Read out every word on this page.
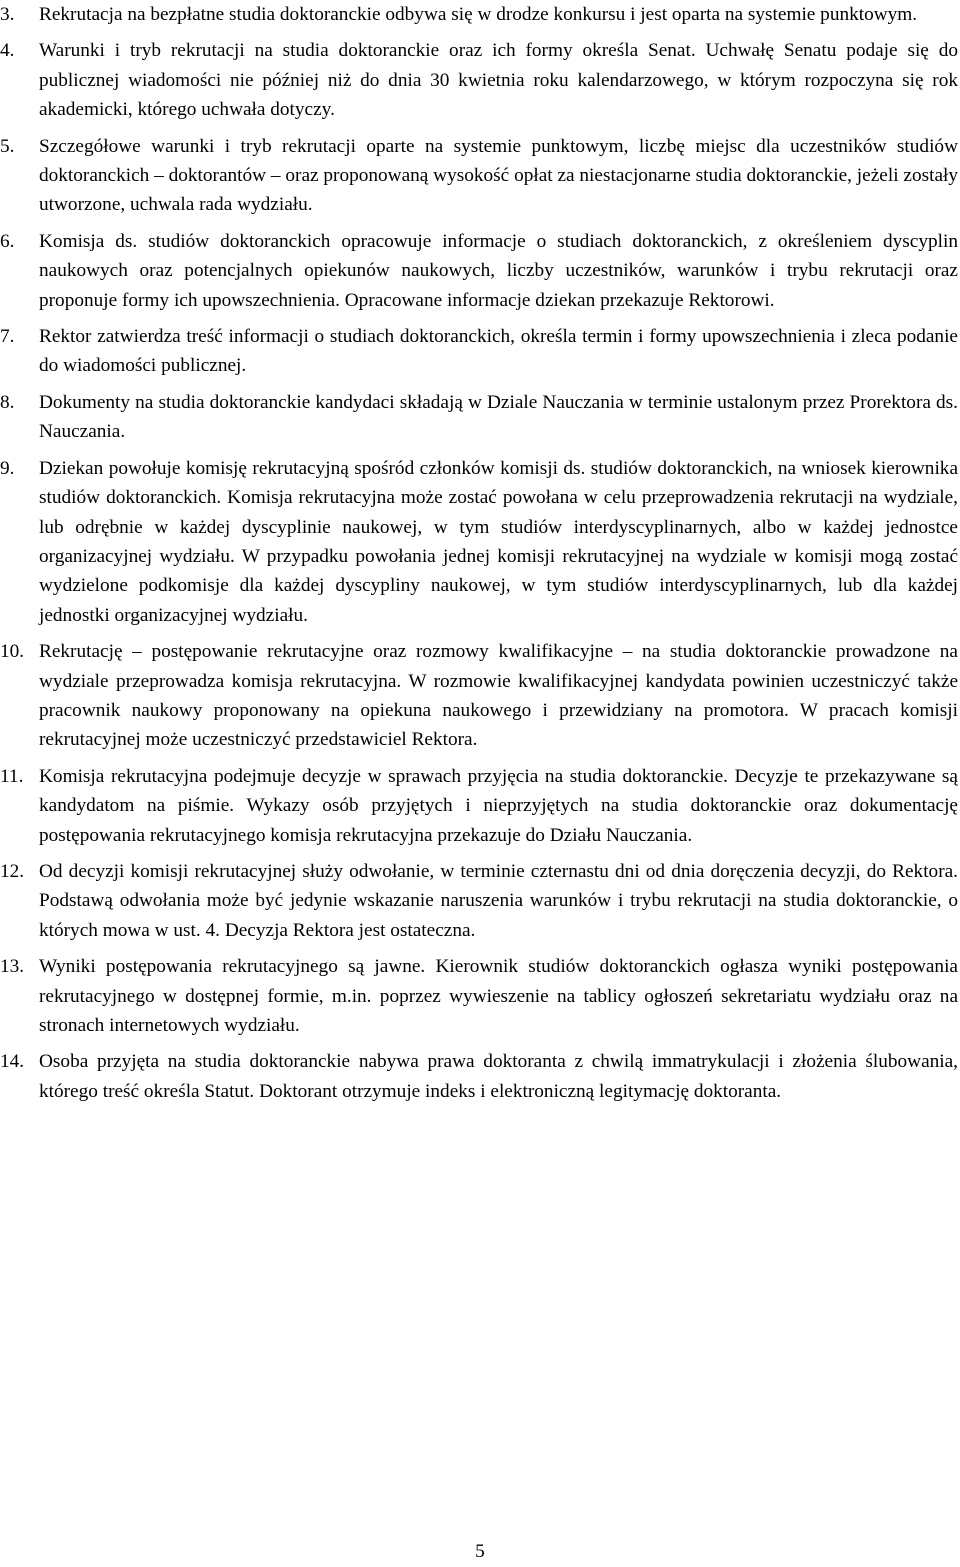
3.	Rekrutacja na bezpłatne studia doktoranckie odbywa się w drodze konkursu i jest oparta na systemie punktowym.
4.	Warunki i tryb rekrutacji na studia doktoranckie oraz ich formy określa Senat. Uchwałę Senatu podaje się do publicznej wiadomości nie później niż do dnia 30 kwietnia roku kalendarzowego, w którym rozpoczyna się rok akademicki, którego uchwała dotyczy.
5.	Szczegółowe warunki i tryb rekrutacji oparte na systemie punktowym, liczbę miejsc dla uczestników studiów doktoranckich – doktorantów – oraz proponowaną wysokość opłat za niestacjonarne studia doktoranckie, jeżeli zostały utworzone, uchwala rada wydziału.
6.	Komisja ds. studiów doktoranckich opracowuje informacje o studiach doktoranckich, z określeniem dyscyplin naukowych oraz potencjalnych opiekunów naukowych, liczby uczestników, warunków i trybu rekrutacji oraz proponuje formy ich upowszechnienia. Opracowane informacje dziekan przekazuje Rektorowi.
7.	Rektor zatwierdza treść informacji o studiach doktoranckich, określa termin i formy upowszechnienia i zleca podanie do wiadomości publicznej.
8.	Dokumenty na studia doktoranckie kandydaci składają w Dziale Nauczania w terminie ustalonym przez Prorektora ds. Nauczania.
9.	Dziekan powołuje komisję rekrutacyjną spośród członków komisji ds. studiów doktoranckich, na wniosek kierownika studiów doktoranckich. Komisja rekrutacyjna może zostać powołana w celu przeprowadzenia rekrutacji na wydziale, lub odrębnie w każdej dyscyplinie naukowej, w tym studiów interdyscyplinarnych, albo w każdej jednostce organizacyjnej wydziału. W przypadku powołania jednej komisji rekrutacyjnej na wydziale w komisji mogą zostać wydzielone podkomisje dla każdej dyscypliny naukowej, w tym studiów interdyscyplinarnych, lub dla każdej jednostki organizacyjnej wydziału.
10. Rekrutację – postępowanie rekrutacyjne oraz rozmowy kwalifikacyjne – na studia doktoranckie prowadzone na wydziale przeprowadza komisja rekrutacyjna. W rozmowie kwalifikacyjnej kandydata powinien uczestniczyć także pracownik naukowy proponowany na opiekuna naukowego i przewidziany na promotora. W pracach komisji rekrutacyjnej może uczestniczyć przedstawiciel Rektora.
11. Komisja rekrutacyjna podejmuje decyzje w sprawach przyjęcia na studia doktoranckie. Decyzje te przekazywane są kandydatom na piśmie. Wykazy osób przyjętych i nieprzyjętych na studia doktoranckie oraz dokumentację postępowania rekrutacyjnego komisja rekrutacyjna przekazuje do Działu Nauczania.
12. Od decyzji komisji rekrutacyjnej służy odwołanie, w terminie czternastu dni od dnia doręczenia decyzji, do Rektora. Podstawą odwołania może być jedynie wskazanie naruszenia warunków i trybu rekrutacji na studia doktoranckie, o których mowa w ust. 4. Decyzja Rektora jest ostateczna.
13. Wyniki postępowania rekrutacyjnego są jawne. Kierownik studiów doktoranckich ogłasza wyniki postępowania rekrutacyjnego w dostępnej formie, m.in. poprzez wywieszenie na tablicy ogłoszeń sekretariatu wydziału oraz na stronach internetowych wydziału.
14. Osoba przyjęta na studia doktoranckie nabywa prawa doktoranta z chwilą immatrykulacji i złożenia ślubowania, którego treść określa Statut. Doktorant otrzymuje indeks i elektroniczną legitymację doktoranta.
5
